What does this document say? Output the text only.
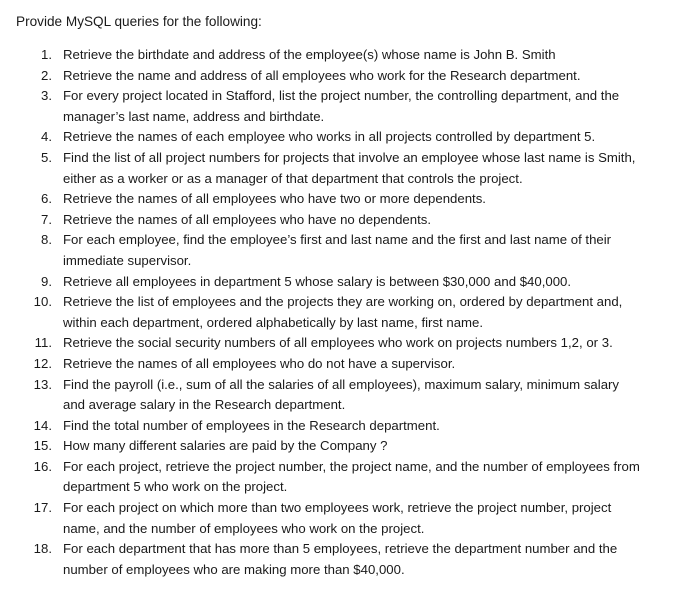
Provide MySQL queries for the following:
1. Retrieve the birthdate and address of the employee(s) whose name is John B. Smith
2. Retrieve the name and address of all employees who work for the Research department.
3. For every project located in Stafford, list the project number, the controlling department, and the manager’s last name, address and birthdate.
4. Retrieve the names of each employee who works in all projects controlled by department 5.
5. Find the list of all project numbers for projects that involve an employee whose last name is Smith, either as a worker or as a manager of that department that controls the project.
6. Retrieve the names of all employees who have two or more dependents.
7. Retrieve the names of all employees who have no dependents.
8. For each employee, find the employee’s first and last name and the first and last name of their immediate supervisor.
9. Retrieve all employees in department 5 whose salary is between $30,000 and $40,000.
10. Retrieve the list of employees and the projects they are working on, ordered by department and, within each department, ordered alphabetically by last name, first name.
11. Retrieve the social security numbers of all employees who work on projects numbers 1,2, or 3.
12. Retrieve the names of all employees who do not have a supervisor.
13. Find the payroll (i.e., sum of all the salaries of all employees), maximum salary, minimum salary and average salary in the Research department.
14. Find the total number of employees in the Research department.
15. How many different salaries are paid by the Company ?
16. For each project, retrieve the project number, the project name, and the number of employees from department 5 who work on the project.
17. For each project on which more than two employees work, retrieve the project number, project name, and the number of employees who work on the project.
18. For each department that has more than 5 employees, retrieve the department number and the number of employees who are making more than $40,000.
